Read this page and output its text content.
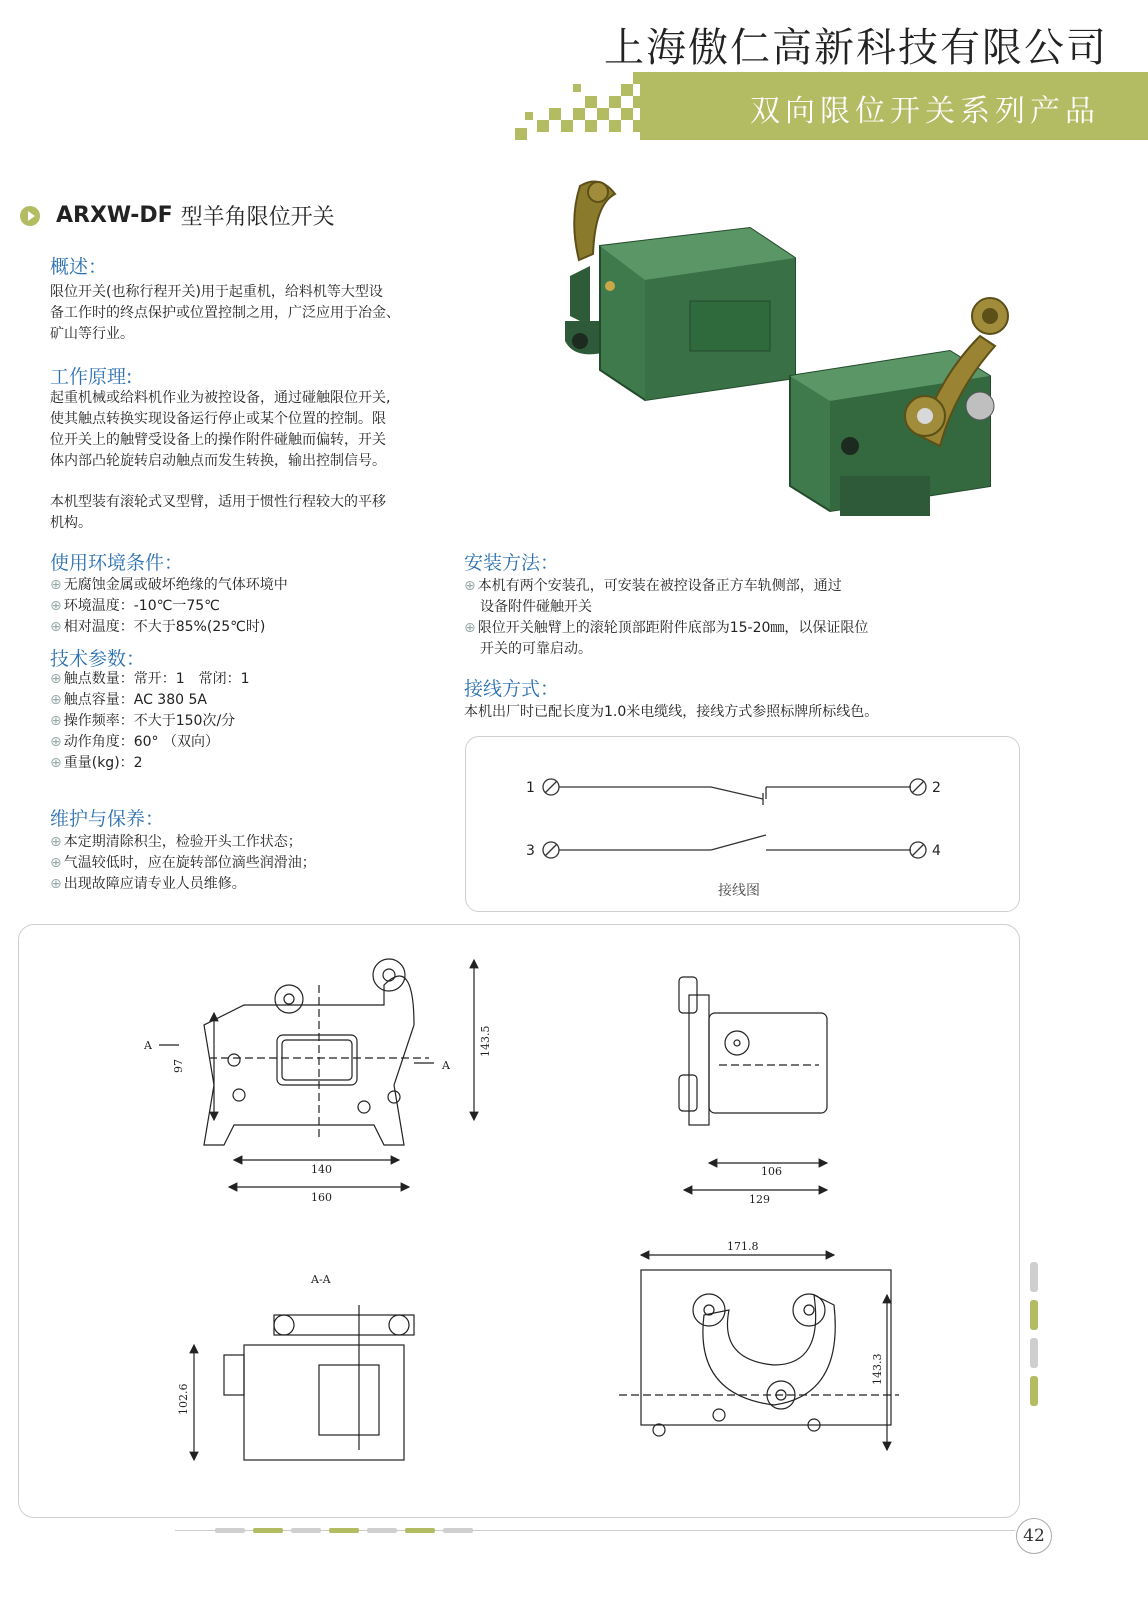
上海傲仁高新科技有限公司
双向限位开关系列产品
ARXW-DF 型羊角限位开关
概述：
限位开关(也称行程开关)用于起重机，给料机等大型设
备工作时的终点保护或位置控制之用，广泛应用于冶金、
矿山等行业。
工作原理:
起重机械或给料机作业为被控设备，通过碰触限位开关,
使其触点转换实现设备运行停止或某个位置的控制。限
位开关上的触臂受设备上的操作附件碰触而偏转，开关
体内部凸轮旋转启动触点而发生转换，输出控制信号。
本机型装有滚轮式叉型臂，适用于惯性行程较大的平移
机构。
使用环境条件：
⊕ 无腐蚀金属或破坏绝缘的气体环境中
⊕ 环境温度：-10℃一75℃
⊕ 相对温度：不大于85%(25℃时)
技术参数：
⊕ 触点数量：常开：1　常闭：1
⊕ 触点容量：AC 380 5A
⊕ 操作频率：不大于150次/分
⊕ 动作角度：60° （双向）
⊕ 重量(kg)：2
维护与保养：
⊕ 本定期清除积尘，检验开头工作状态；
⊕ 气温较低时，应在旋转部位滴些润滑油；
⊕ 出现故障应请专业人员维修。
安装方法：
⊕ 本机有两个安装孔，可安装在被控设备正方车轨侧部，通过
设备附件碰触开关
⊕ 限位开关触臂上的滚轮顶部距附件底部为15-20㎜，以保证限位
开关的可靠启动。
接线方式：
本机出厂时已配长度为1.0米电缆线，接线方式参照标牌所标线色。
1	2
3	4
接线图
97
143.5
140
160
106
129
171.8
143.3
102.6
A
A
A-A
42
